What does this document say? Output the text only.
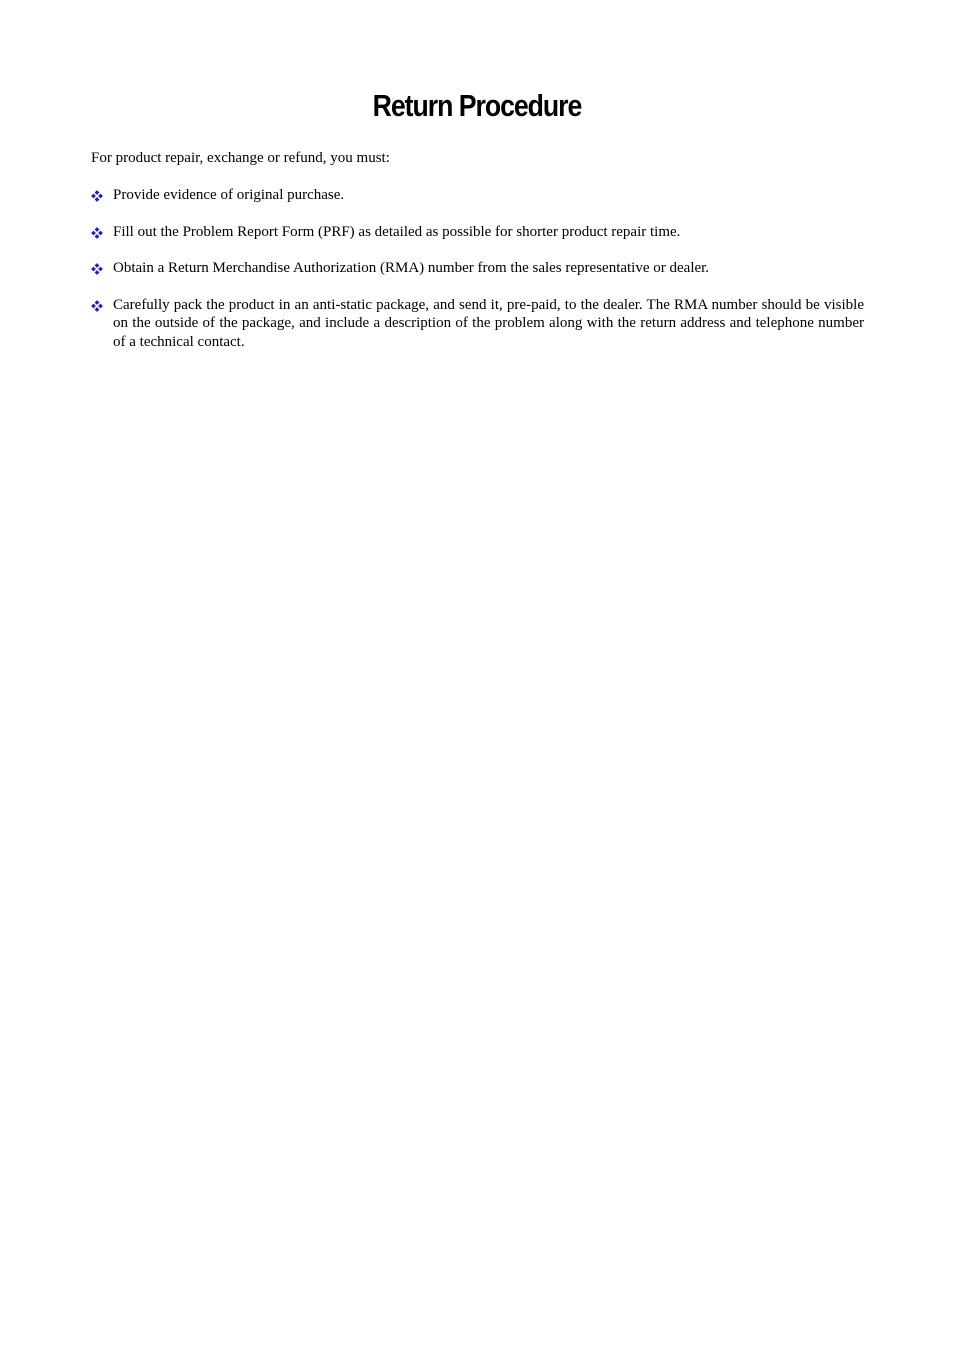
Return Procedure

For product repair, exchange or refund, you must:

Provide evidence of original purchase.
Fill out the Problem Report Form (PRF) as detailed as possible for shorter product repair time.
Obtain a Return Merchandise Authorization (RMA) number from the sales representative or dealer.
Carefully pack the product in an anti-static package, and send it, pre-paid, to the dealer. The RMA number should be visible on the outside of the package, and include a description of the problem along with the return address and telephone number of a technical contact.
